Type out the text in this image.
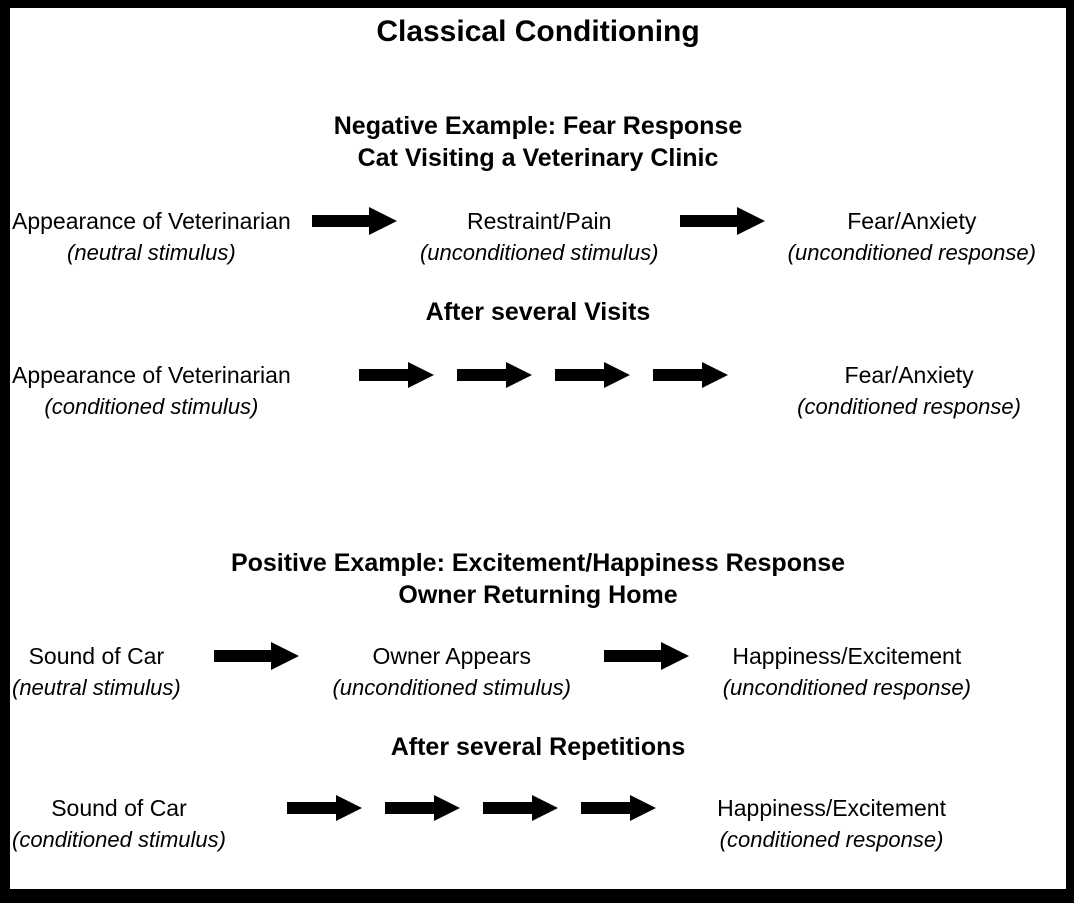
Classical Conditioning
Negative Example: Fear Response
Cat Visiting a Veterinary Clinic
Appearance of Veterinarian
(neutral stimulus)
Restraint/Pain
(unconditioned stimulus)
Fear/Anxiety
(unconditioned response)
After several Visits
Appearance of Veterinarian
(conditioned stimulus)
Fear/Anxiety
(conditioned response)
Positive Example: Excitement/Happiness Response
Owner Returning Home
Sound of Car
(neutral stimulus)
Owner Appears
(unconditioned stimulus)
Happiness/Excitement
(unconditioned response)
After several Repetitions
Sound of Car
(conditioned stimulus)
Happiness/Excitement
(conditioned response)
